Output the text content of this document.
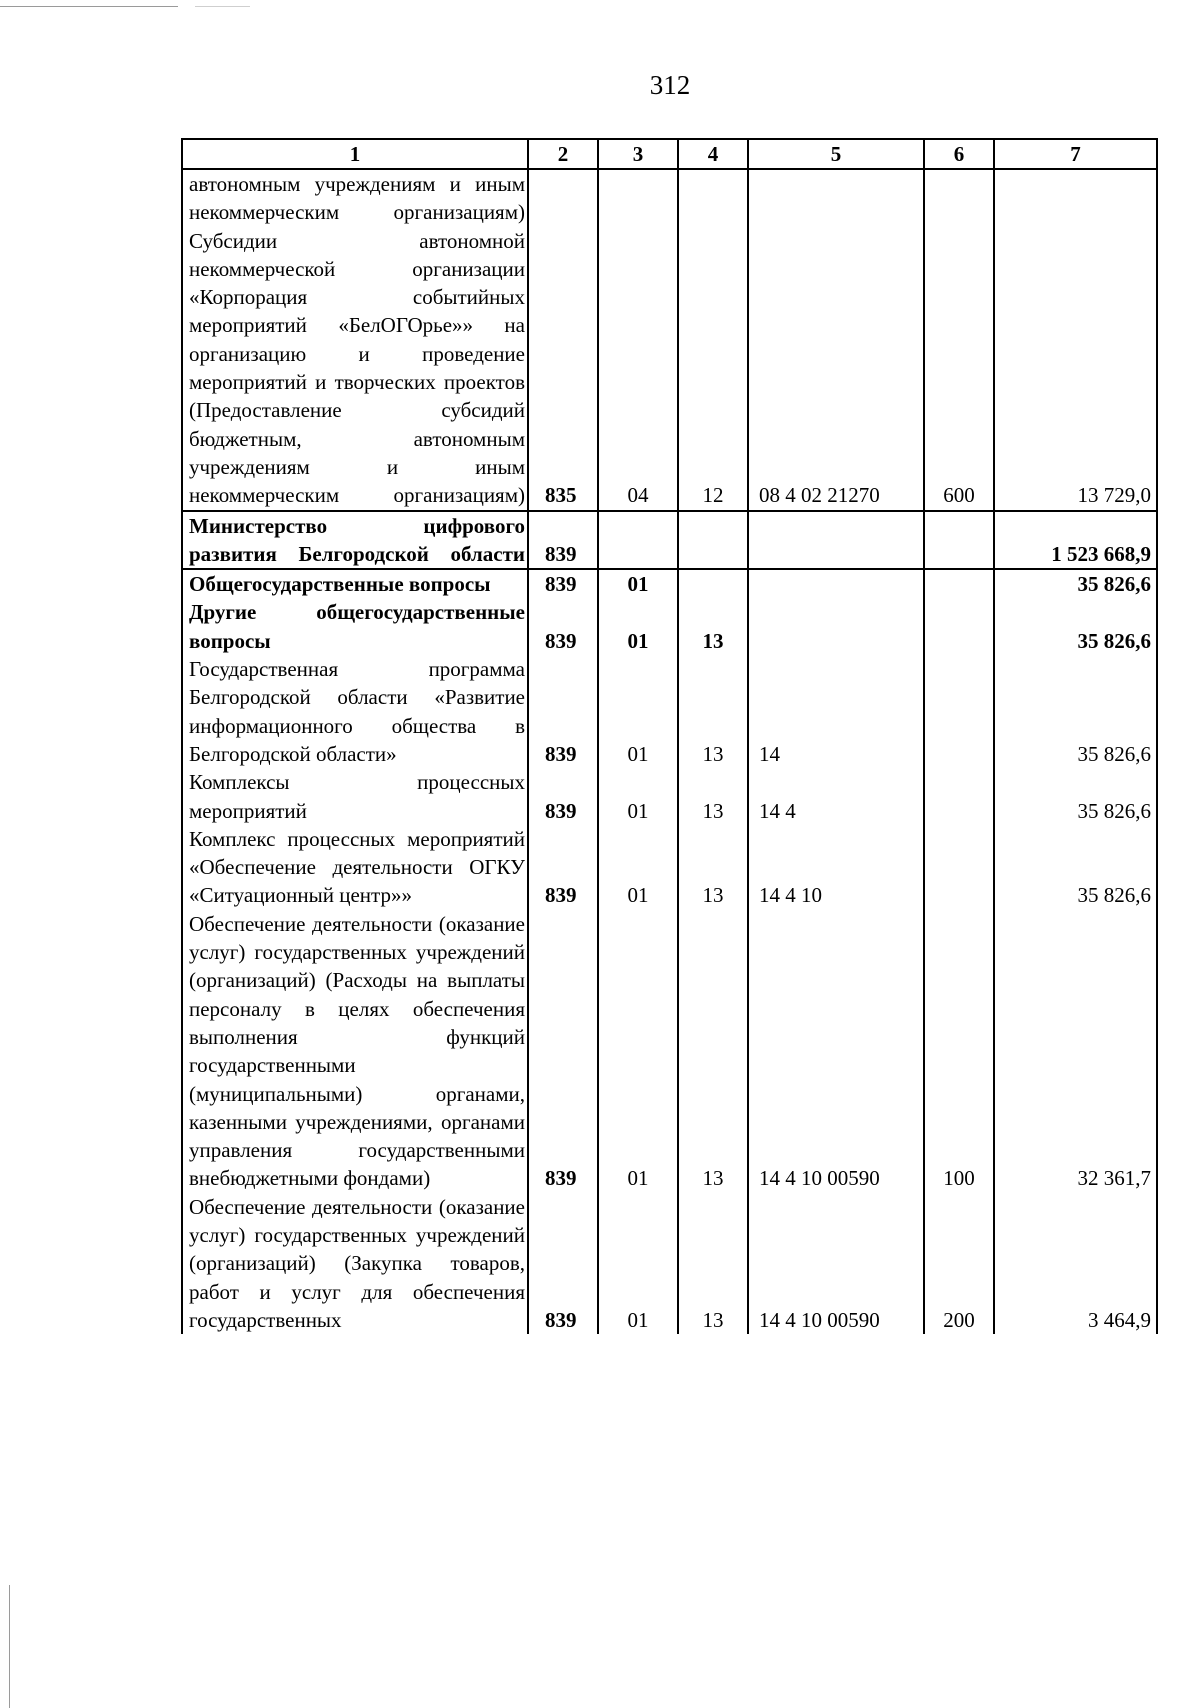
312
1	2	3	4	5	6	7
автономным учреждениям и иным некоммерческим организациям) Субсидии автономной некоммерческой организации «Корпорация событийных мероприятий «БелОГОрье»» на организацию и проведение мероприятий и творческих проектов (Предоставление субсидий бюджетным, автономным учреждениям и иным некоммерческим организациям)	835	04	12	08 4 02 21270	600	13 729,0
Министерство цифрового развития Белгородской области	839					1 523 668,9
Общегосударственные вопросы	839	01				35 826,6
Другие общегосударственные вопросы	839	01	13			35 826,6
Государственная программа Белгородской области «Развитие информационного общества в Белгородской области»	839	01	13	14		35 826,6
Комплексы процессных мероприятий	839	01	13	14 4		35 826,6
Комплекс процессных мероприятий «Обеспечение деятельности ОГКУ «Ситуационный центр»»	839	01	13	14 4 10		35 826,6
Обеспечение деятельности (оказание услуг) государственных учреждений (организаций) (Расходы на выплаты персоналу в целях обеспечения выполнения функций государственными (муниципальными) органами, казенными учреждениями, органами управления государственными внебюджетными фондами)	839	01	13	14 4 10 00590	100	32 361,7
Обеспечение деятельности (оказание услуг) государственных учреждений (организаций) (Закупка товаров, работ и услуг для обеспечения государственных	839	01	13	14 4 10 00590	200	3 464,9
